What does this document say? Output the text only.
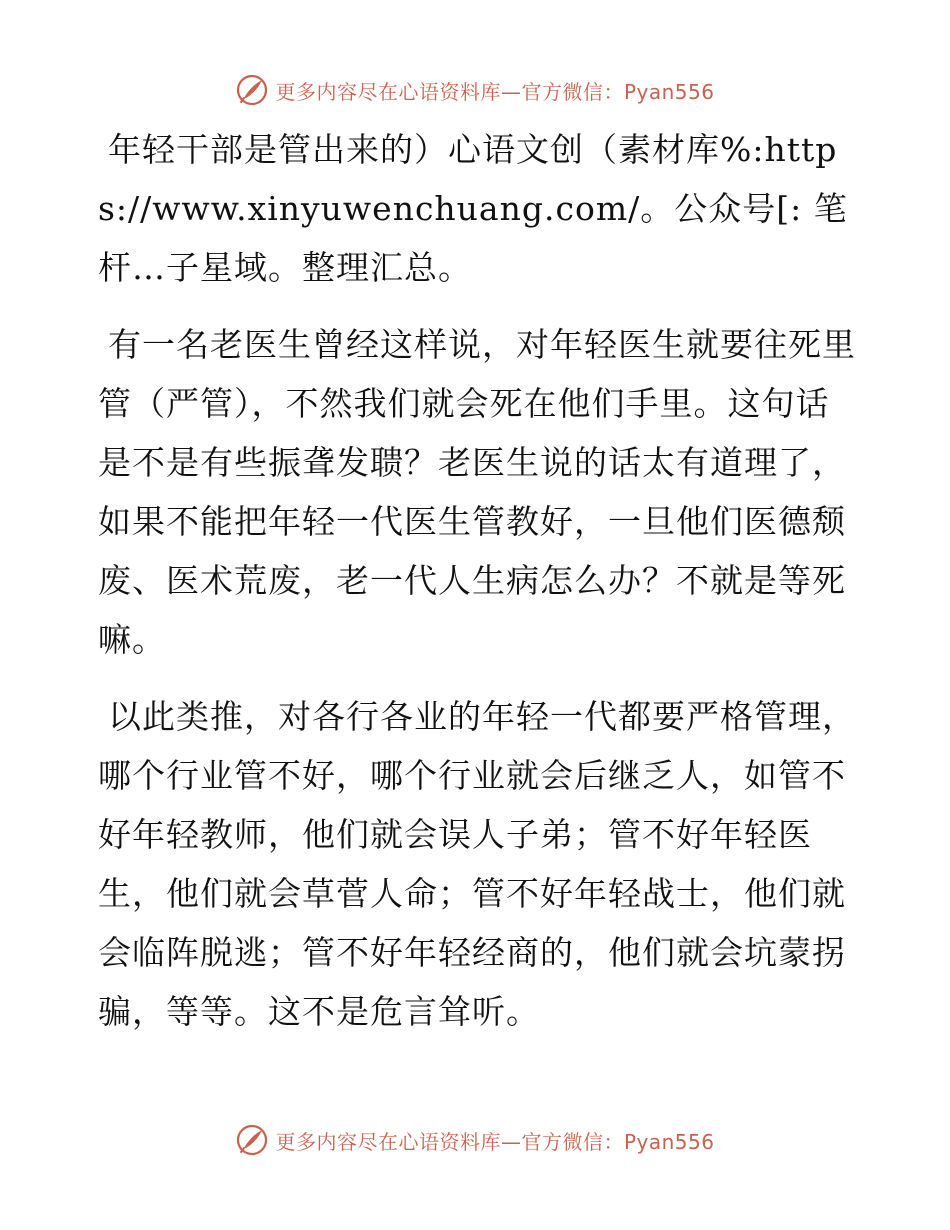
更多内容尽在心语资料库—官方微信：Pyan556

年轻干部是管出来的）心语文创（素材库%:https://www.xinyuwenchuang.com/。公众号[: 笔杆…子星域。整理汇总。

有一名老医生曾经这样说，对年轻医生就要往死里管（严管），不然我们就会死在他们手里。这句话是不是有些振聋发聩？老医生说的话太有道理了，如果不能把年轻一代医生管教好，一旦他们医德颓废、医术荒废，老一代人生病怎么办？不就是等死嘛。

以此类推，对各行各业的年轻一代都要严格管理，哪个行业管不好，哪个行业就会后继乏人，如管不好年轻教师，他们就会误人子弟；管不好年轻医生，他们就会草菅人命；管不好年轻战士，他们就会临阵脱逃；管不好年轻经商的，他们就会坑蒙拐骗，等等。这不是危言耸听。

更多内容尽在心语资料库—官方微信：Pyan556
